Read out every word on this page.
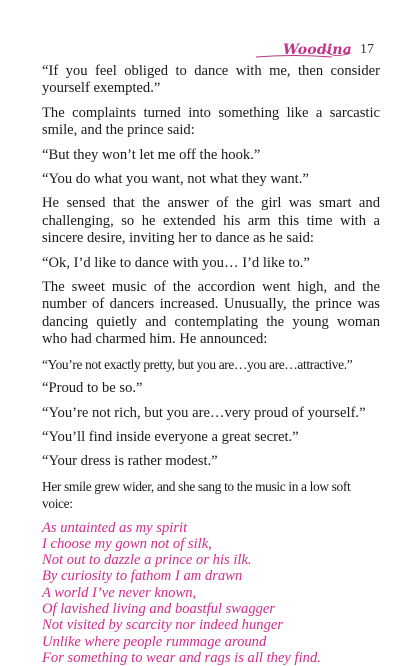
Woodina 17

“If you feel obliged to dance with me, then consider yourself exempted.”

The complaints turned into something like a sarcastic smile, and the prince said:

“But they won’t let me off the hook.”

“You do what you want, not what they want.”

He sensed that the answer of the girl was smart and challenging, so he extended his arm this time with a sincere desire, inviting her to dance as he said:

“Ok, I’d like to dance with you… I’d like to.”

The sweet music of the accordion went high, and the number of dancers increased. Unusually, the prince was dancing quietly and contemplating the young woman who had charmed him. He announced:

“You’re not exactly pretty, but you are…you are…attractive.”

“Proud to be so.”

“You’re not rich, but you are…very proud of yourself.”

“You’ll find inside everyone a great secret.”

“Your dress is rather modest.”

Her smile grew wider, and she sang to the music in a low soft voice:

As untainted as my spirit
I choose my gown not of silk,
Not out to dazzle a prince or his ilk.
By curiosity to fathom I am drawn
A world I’ve never known,
Of lavished living and boastful swagger
Not visited by scarcity nor indeed hunger
Unlike where people rummage around
For something to wear and rags is all they find.
